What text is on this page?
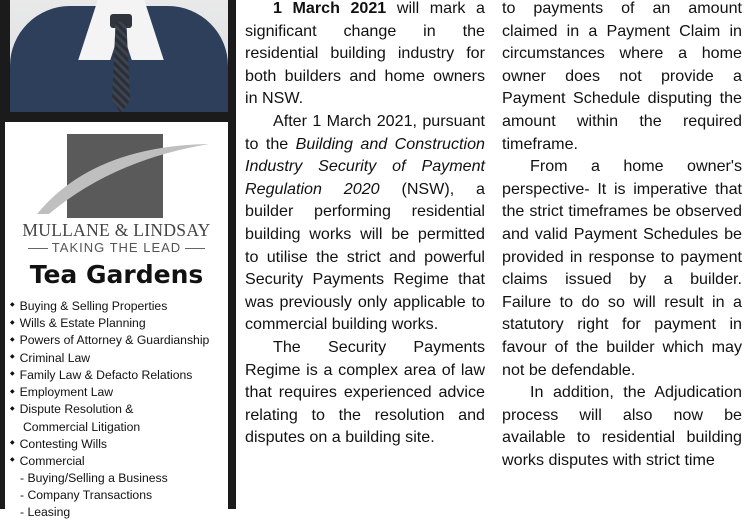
MULLANE & LINDSAY
TAKING THE LEAD
Tea Gardens
◆ Buying & Selling Properties
◆ Wills & Estate Planning
◆ Powers of Attorney & Guardianship
◆ Criminal Law
◆ Family Law & Defacto Relations
◆ Employment Law
◆ Dispute Resolution &
Commercial Litigation
◆ Contesting Wills
◆ Commercial
- Buying/Selling a Business
- Company Transactions
- Leasing

1 March 2021 will mark a significant change in the residential building industry for both builders and home owners in NSW.

After 1 March 2021, pursuant to the Building and Construction Industry Security of Payment Regulation 2020 (NSW), a builder performing residential building works will be permitted to utilise the strict and powerful Security Payments Regime that was previously only applicable to commercial building works.

The Security Payments Regime is a complex area of law that requires experienced advice relating to the resolution and disputes on a building site.

to payments of an amount claimed in a Payment Claim in circumstances where a home owner does not provide a Payment Schedule disputing the amount within the required timeframe.

From a home owner's perspective- It is imperative that the strict timeframes be observed and valid Payment Schedules be provided in response to payment claims issued by a builder. Failure to do so will result in a statutory right for payment in favour of the builder which may not be defendable.

In addition, the Adjudication process will also now be available to residential building works disputes with strict time
